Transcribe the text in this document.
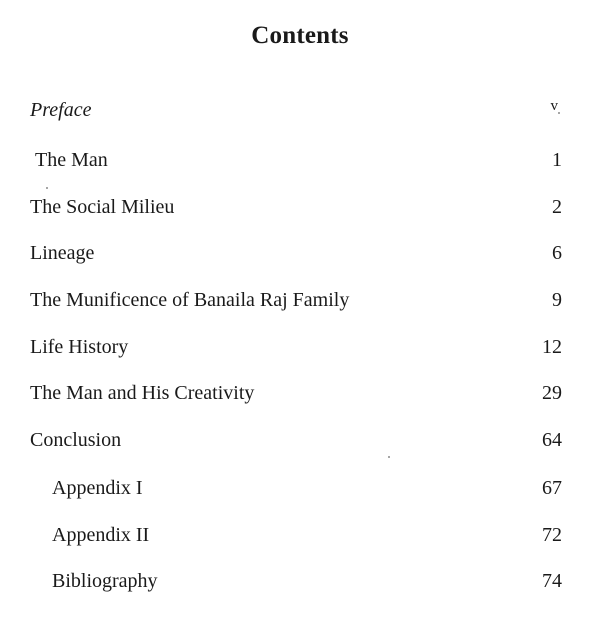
Contents
Preface	v
The Man	1
The Social Milieu	2
Lineage	6
The Munificence of Banaila Raj Family	9
Life History	12
The Man and His Creativity	29
Conclusion	64
Appendix I	67
Appendix II	72
Bibliography	74
